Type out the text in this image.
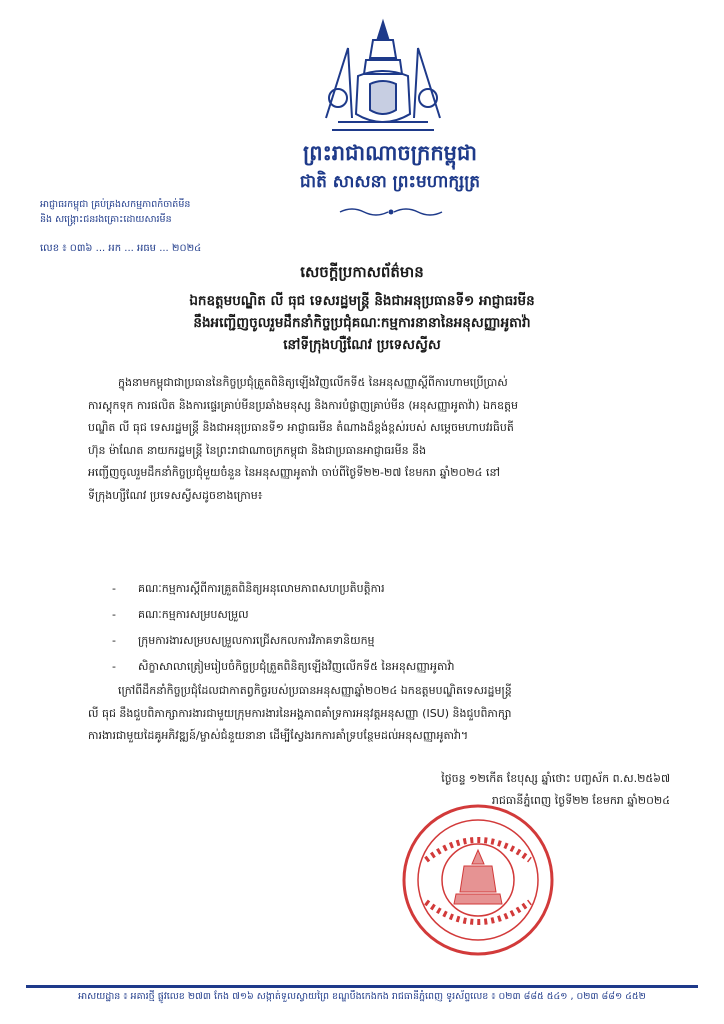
ព្រះរាជាណាចក្រកម្ពុជា
ជាតិ សាសនា ព្រះមហាក្សត្រ
អាជ្ញាធរកម្ពុជា គ្រប់គ្រងសកម្មភាពកំចាត់មីន
និង សង្គ្រោះជនរងគ្រោះដោយសារមីន
លេខ ៖ ០៣៦ ... អក ... អធម ... ២០២៤
សេចក្តីប្រកាសព័ត៌មាន
ឯកឧត្តមបណ្ឌិត លី ធុជ ទេសរដ្ឋមន្ត្រី និងជាអនុប្រធានទី១ អាជ្ញាធរមីន
នឹងអញ្ជើញចូលរួមដឹកនាំកិច្ចប្រជុំគណៈកម្មការនានានៃអនុសញ្ញាអូតាវ៉ា
នៅទីក្រុងហ្សឺណែវ ប្រទេសស្វីស
ក្នុងនាមកម្ពុជាជាប្រធាននៃកិច្ចប្រជុំត្រួតពិនិត្យឡើងវិញលើកទី៥ នៃអនុសញ្ញាស្តីពីការហាមប្រើប្រាស់
ការស្តុកទុក ការផលិត និងការផ្ទេរគ្រាប់មីនប្រឆាំងមនុស្ស និងការបំផ្លាញគ្រាប់មីន (អនុសញ្ញាអូតាវ៉ា) ឯកឧត្តម
បណ្ឌិត លី ធុជ ទេសរដ្ឋមន្ត្រី និងជាអនុប្រធានទី១ អាជ្ញាធរមីន តំណាងដ៏ខ្ពង់ខ្ពស់របស់ សម្តេចមហាបវរធិបតី
ហ៊ុន ម៉ាណែត នាយករដ្ឋមន្ត្រី នៃព្រះរាជាណាចក្រកម្ពុជា និងជាប្រធានអាជ្ញាធរមីន នឹង
អញ្ជើញចូលរួមដឹកនាំកិច្ចប្រជុំមួយចំនួន នៃអនុសញ្ញាអូតាវ៉ា ចាប់ពីថ្ងៃទី២២-២៧ ខែមករា ឆ្នាំ២០២៤ នៅ
ទីក្រុងហ្សឺណែវ ប្រទេសស្វីសដូចខាងក្រោម៖
- គណៈកម្មការស្តីពីការគ្រួតពិនិត្យអនុលោមភាពសហប្រតិបត្តិការ
- គណៈកម្មការសម្របសម្រួល
- ក្រុមការងារសម្របសម្រួលការជ្រើសកលការវិភាគទានិយកម្ម
- សិក្ខាសាលាត្រៀមរៀបចំកិច្ចប្រជុំត្រួតពិនិត្យឡើងវិញលើកទី៥ នៃអនុសញ្ញាអូតាវ៉ា
ក្រៅពីដឹកនាំកិច្ចប្រជុំដែលជាកាតព្វកិច្ចរបស់ប្រធានអនុសញ្ញាឆ្នាំ២០២៤ ឯកឧត្តមបណ្ឌិតទេសរដ្ឋមន្ត្រី
លី ធុជ នឹងជួបពិភាក្សាការងារជាមួយក្រុមការងារនៃអង្គភាពគាំទ្រការអនុវត្តអនុសញ្ញា (ISU) និងជួបពិភាក្សា
ការងារជាមួយដៃគូអភិវឌ្ឍន៍/ម្ចាស់ជំនួយនានា ដើម្បីស្វែងរកការគាំទ្របន្ថែមដល់អនុសញ្ញាអូតាវ៉ា។
ថ្ងៃចន្ទ ១២កើត ខែបុស្ស ឆ្នាំថោះ បញ្ចស័ក ព.ស.២៥៦៧
រាជធានីភ្នំពេញ ថ្ងៃទី២២ ខែមករា ឆ្នាំ២០២៤
អាសយដ្ឋាន ៖ អគារថ្មី ផ្លូវលេខ ២៧៣ កែង ៧១៦ សង្កាត់ទួលស្វាយព្រៃ ខណ្ឌបឹងកេងកង រាជធានីភ្នំពេញ ទូរស័ព្ទលេខ ៖ ០២៣ ៨៨៥ ៥៤១ , ០២៣ ៨៨១ ៤៥២
